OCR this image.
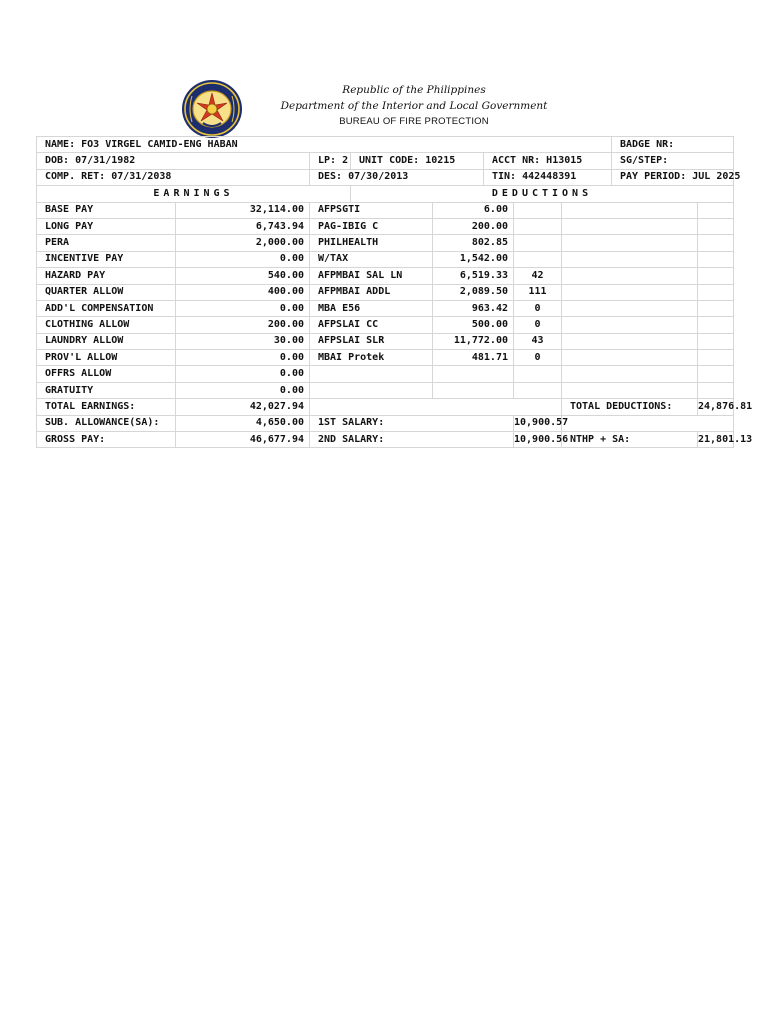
Republic of the Philippines
Department of the Interior and Local Government
BUREAU OF FIRE PROTECTION
NAME: FO3 VIRGEL CAMID-ENG HABAN								BADGE NR:	
DOB: 07/31/1982		LP: 2	UNIT CODE: 10215		ACCT NR: H13015			SG/STEP:	
COMP. RET: 07/31/2038		DES: 07/30/2013			TIN: 442448391			PAY PERIOD: JUL 2025	
EARNINGS			DEDUCTIONS						
BASE PAY	32,114.00	AFPSGTI		6.00					
LONG PAY	6,743.94	PAG-IBIG C		200.00					
PERA	2,000.00	PHILHEALTH		802.85					
INCENTIVE PAY	0.00	W/TAX		1,542.00					
HAZARD PAY	540.00	AFPMBAI SAL LN		6,519.33		42			
QUARTER ALLOW	400.00	AFPMBAI ADDL		2,089.50		111			
ADD'L COMPENSATION	0.00	MBA E56		963.42		0			
CLOTHING ALLOW	200.00	AFPSLAI CC		500.00		0			
LAUNDRY ALLOW	30.00	AFPSLAI SLR		11,772.00		43			
PROV'L ALLOW	0.00	MBAI Protek		481.71		0			
OFFRS ALLOW	0.00								
GRATUITY	0.00								
TOTAL EARNINGS:	42,027.94						TOTAL DEDUCTIONS:		24,876.81
SUB. ALLOWANCE(SA):	4,650.00	1ST SALARY:				10,900.57			
GROSS PAY:	46,677.94	2ND SALARY:				10,900.56	NTHP + SA:		21,801.13
